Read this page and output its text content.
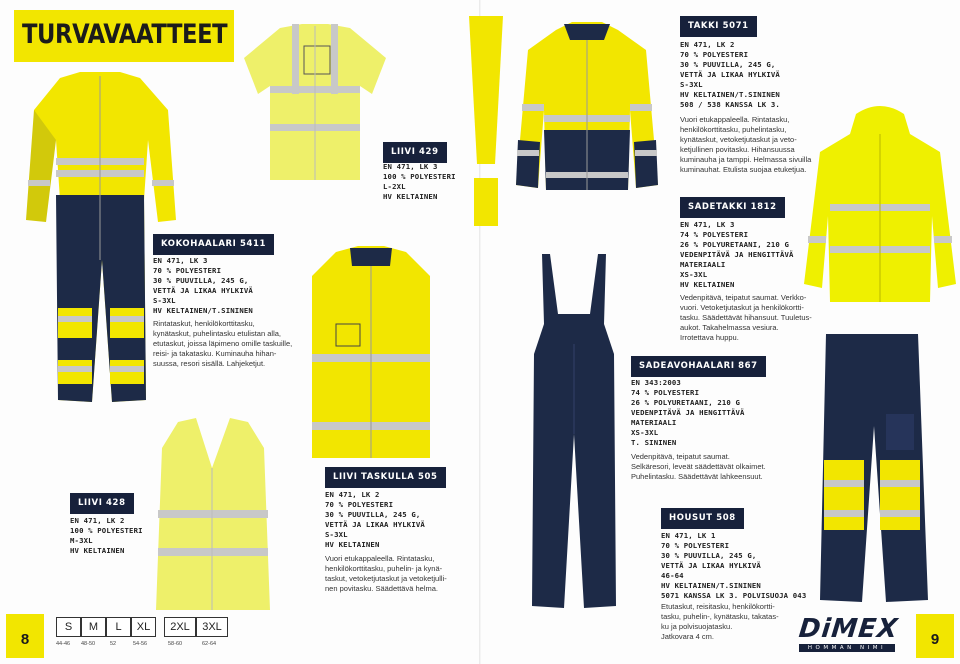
TURVAVAATTEET
LIIVI 429
EN 471, LK 3
100 % POLYESTERI
L-2XL
HV KELTAINEN
TAKKI 5071
EN 471, LK 2
70 % POLYESTERI
30 % PUUVILLA, 245 G,
VETTÄ JA LIKAA HYLKIVÄ
S-3XL
HV KELTAINEN/T.SININEN
508 / 538 KANSSA LK 3.
Vuori etukappaleella. Rintatasku,
henkilökorttitasku, puhelintasku,
kynätaskut, vetoketjutaskut ja veto-
ketjullinen povitasku. Hihansuussa
kuminauha ja tamppi. Helmassa sivuilla
kuminauhat. Etulista suojaa etuketjua.
SADETAKKI 1812
EN 471, LK 3
74 % POLYESTERI
26 % POLYURETAANI, 210 G
VEDENPITÄVÄ JA HENGITTÄVÄ
MATERIAALI
XS-3XL
HV KELTAINEN
Vedenpitävä, teipatut saumat. Verkko-
vuori. Vetoketjutaskut ja henkilökortti-
tasku. Säädettävät hihansuut. Tuuletus-
aukot. Takahelmassa vesiura.
Irrotettava huppu.
KOKOHAALARI 5411
EN 471, LK 3
70 % POLYESTERI
30 % PUUVILLA, 245 G,
VETTÄ JA LIKAA HYLKIVÄ
S-3XL
HV KELTAINEN/T.SININEN
Rintataskut, henkilökorttitasku,
kynätaskut, puhelintasku etulistan alla,
etutaskut, joissa läpimeno omille taskuille,
reisi- ja takatasku. Kuminauha hihan-
suussa, resori sisällä. Lahjeketjut.	SADEAVOHAALARI 867
EN 343:2003
74 % POLYESTERI
26 % POLYURETAANI, 210 G
VEDENPITÄVÄ JA HENGITTÄVÄ
MATERIAALI
XS-3XL
T. SININEN
Vedenpitävä, teipatut saumat.
Selkäresori, leveät säädettävät olkaimet.
Puhelintasku. Säädettävät lahkeensuut.
LIIVI TASKULLA 505
EN 471, LK 2
70 % POLYESTERI
30 % PUUVILLA, 245 G,
VETTÄ JA LIKAA HYLKIVÄ
S-3XL
HV KELTAINEN
Vuori etukappaleella. Rintatasku,
henkilökorttitasku, puhelin- ja kynä-
taskut, vetoketjutaskut ja vetoketjulli-
nen povitasku. Säädettävä helma.
LIIVI 428
EN 471, LK 2
100 % POLYESTERI
M-3XL
HV KELTAINEN
HOUSUT 508
EN 471, LK 1
70 % POLYESTERI
30 % PUUVILLA, 245 G,
VETTÄ JA LIKAA HYLKIVÄ
46-64
HV KELTAINEN/T.SININEN
5071 KANSSA LK 3. POLVISUOJA 043
Etutaskut, reisitasku, henkilökortti-
tasku, puhelin-, kynätasku, takatas-
ku ja polvisuojatasku.
Jatkovara 4 cm.
8	9
S	M	L	XL	2XL	3XL
44-46 48-50	52	54-56	58-60	62-64	DiMEX
HOMMAN NIMI
